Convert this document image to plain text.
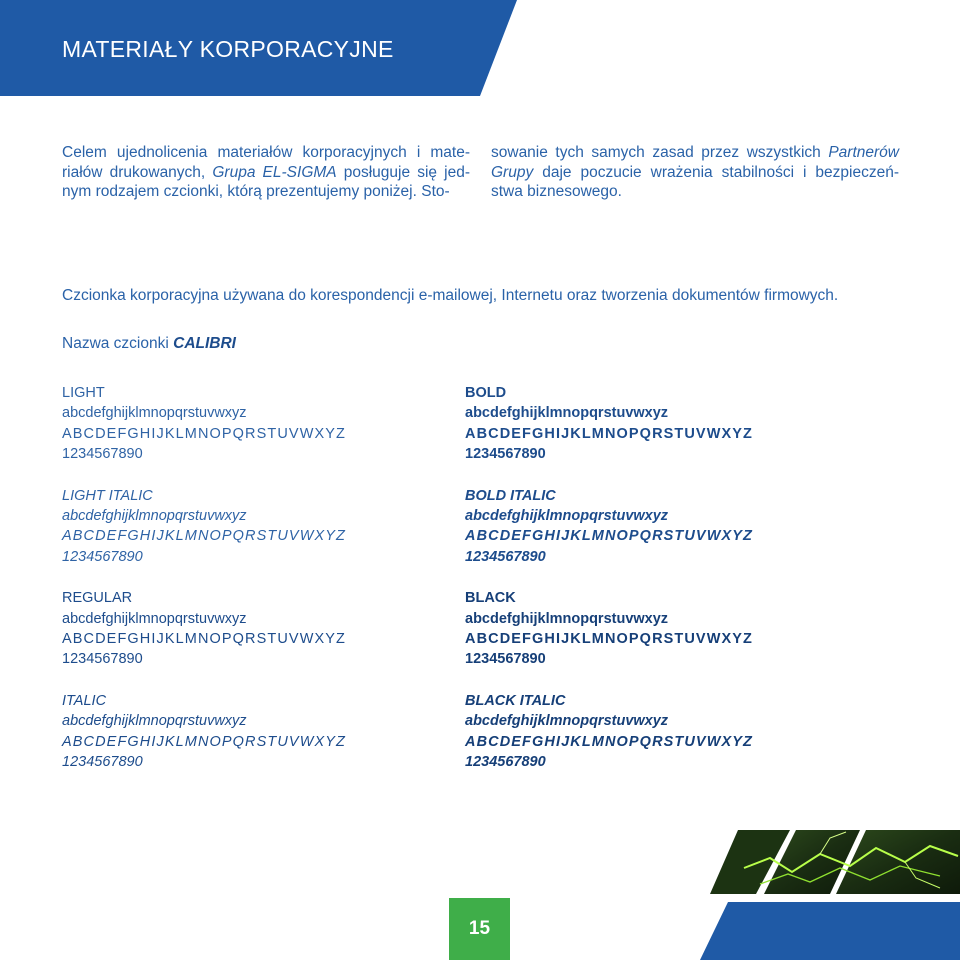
MATERIAŁY KORPORACYJNE

Celem ujednolicenia materiałów korporacyjnych i mate-riałów drukowanych, Grupa EL-SIGMA posługuje się jed-nym rodzajem czcionki, którą prezentujemy poniżej. Sto-

sowanie tych samych zasad przez wszystkich Partnerów Grupy daje poczucie wrażenia stabilności i bezpieczeń-stwa biznesowego.

Czcionka korporacyjna używana do korespondencji e-mailowej, Internetu oraz tworzenia dokumentów firmowych.

Nazwa czcionki CALIBRI

LIGHT
abcdefghijklmnopqrstuvwxyz
ABCDEFGHIJKLMNOPQRSTUVWXYZ
1234567890
LIGHT ITALIC
abcdefghijklmnopqrstuvwxyz
ABCDEFGHIJKLMNOPQRSTUVWXYZ
1234567890
REGULAR
abcdefghijklmnopqrstuvwxyz
ABCDEFGHIJKLMNOPQRSTUVWXYZ
1234567890
ITALIC
abcdefghijklmnopqrstuvwxyz
ABCDEFGHIJKLMNOPQRSTUVWXYZ
1234567890
BOLD
abcdefghijklmnopqrstuvwxyz
ABCDEFGHIJKLMNOPQRSTUVWXYZ
1234567890
BOLD ITALIC
abcdefghijklmnopqrstuvwxyz
ABCDEFGHIJKLMNOPQRSTUVWXYZ
1234567890
BLACK
abcdefghijklmnopqrstuvwxyz
ABCDEFGHIJKLMNOPQRSTUVWXYZ
1234567890
BLACK ITALIC
abcdefghijklmnopqrstuvwxyz
ABCDEFGHIJKLMNOPQRSTUVWXYZ
1234567890
15
